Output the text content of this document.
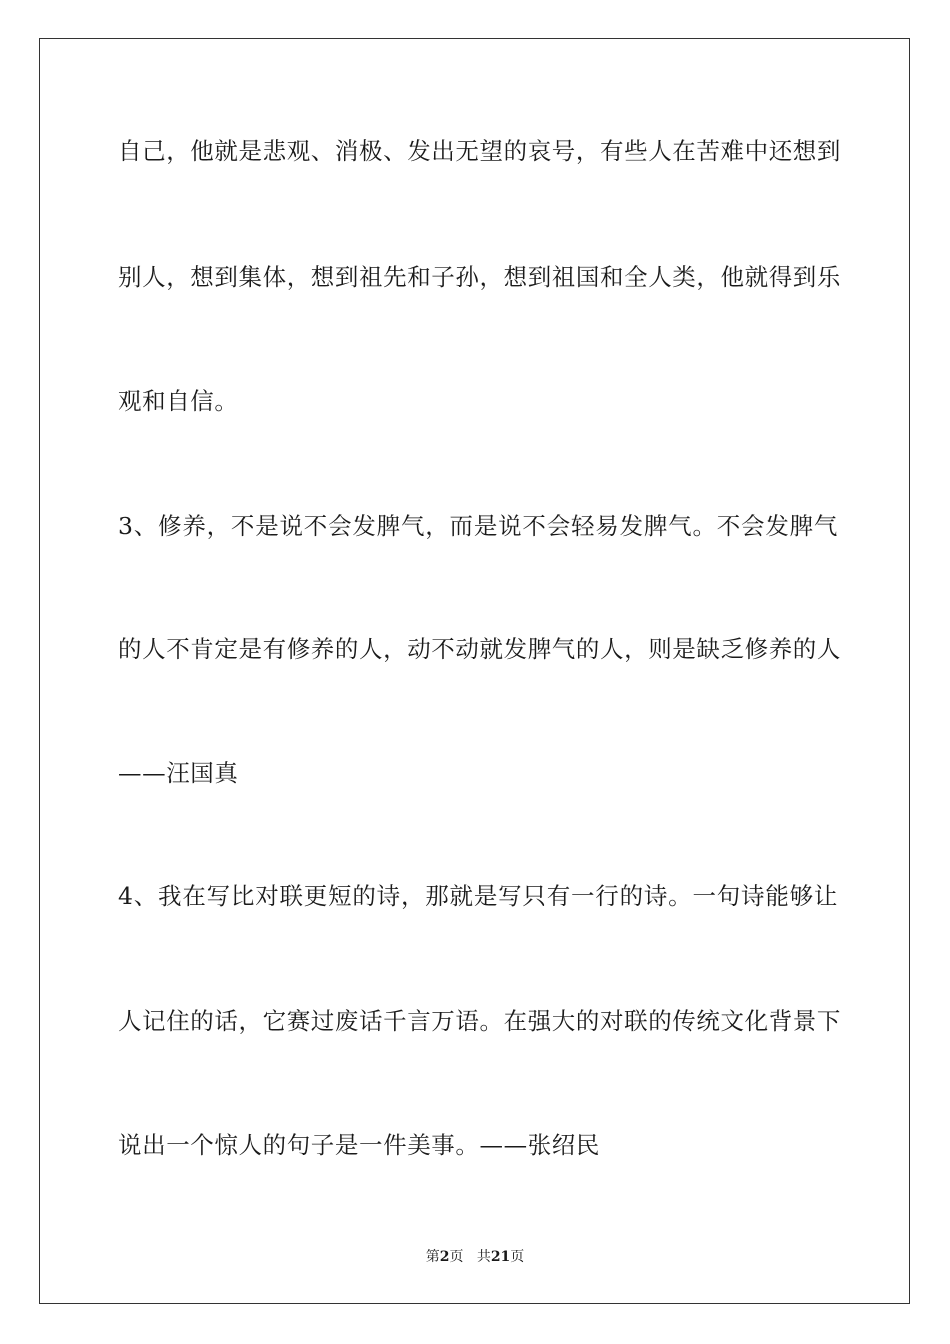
自己，他就是悲观、消极、发出无望的哀号，有些人在苦难中还想到
别人，想到集体，想到祖先和子孙，想到祖国和全人类，他就得到乐
观和自信。
3、修养，不是说不会发脾气，而是说不会轻易发脾气。不会发脾气
的人不肯定是有修养的人，动不动就发脾气的人，则是缺乏修养的人
——汪国真
4、我在写比对联更短的诗，那就是写只有一行的诗。一句诗能够让
人记住的话，它赛过废话千言万语。在强大的对联的传统文化背景下
说出一个惊人的句子是一件美事。——张绍民
第2页 共21页
